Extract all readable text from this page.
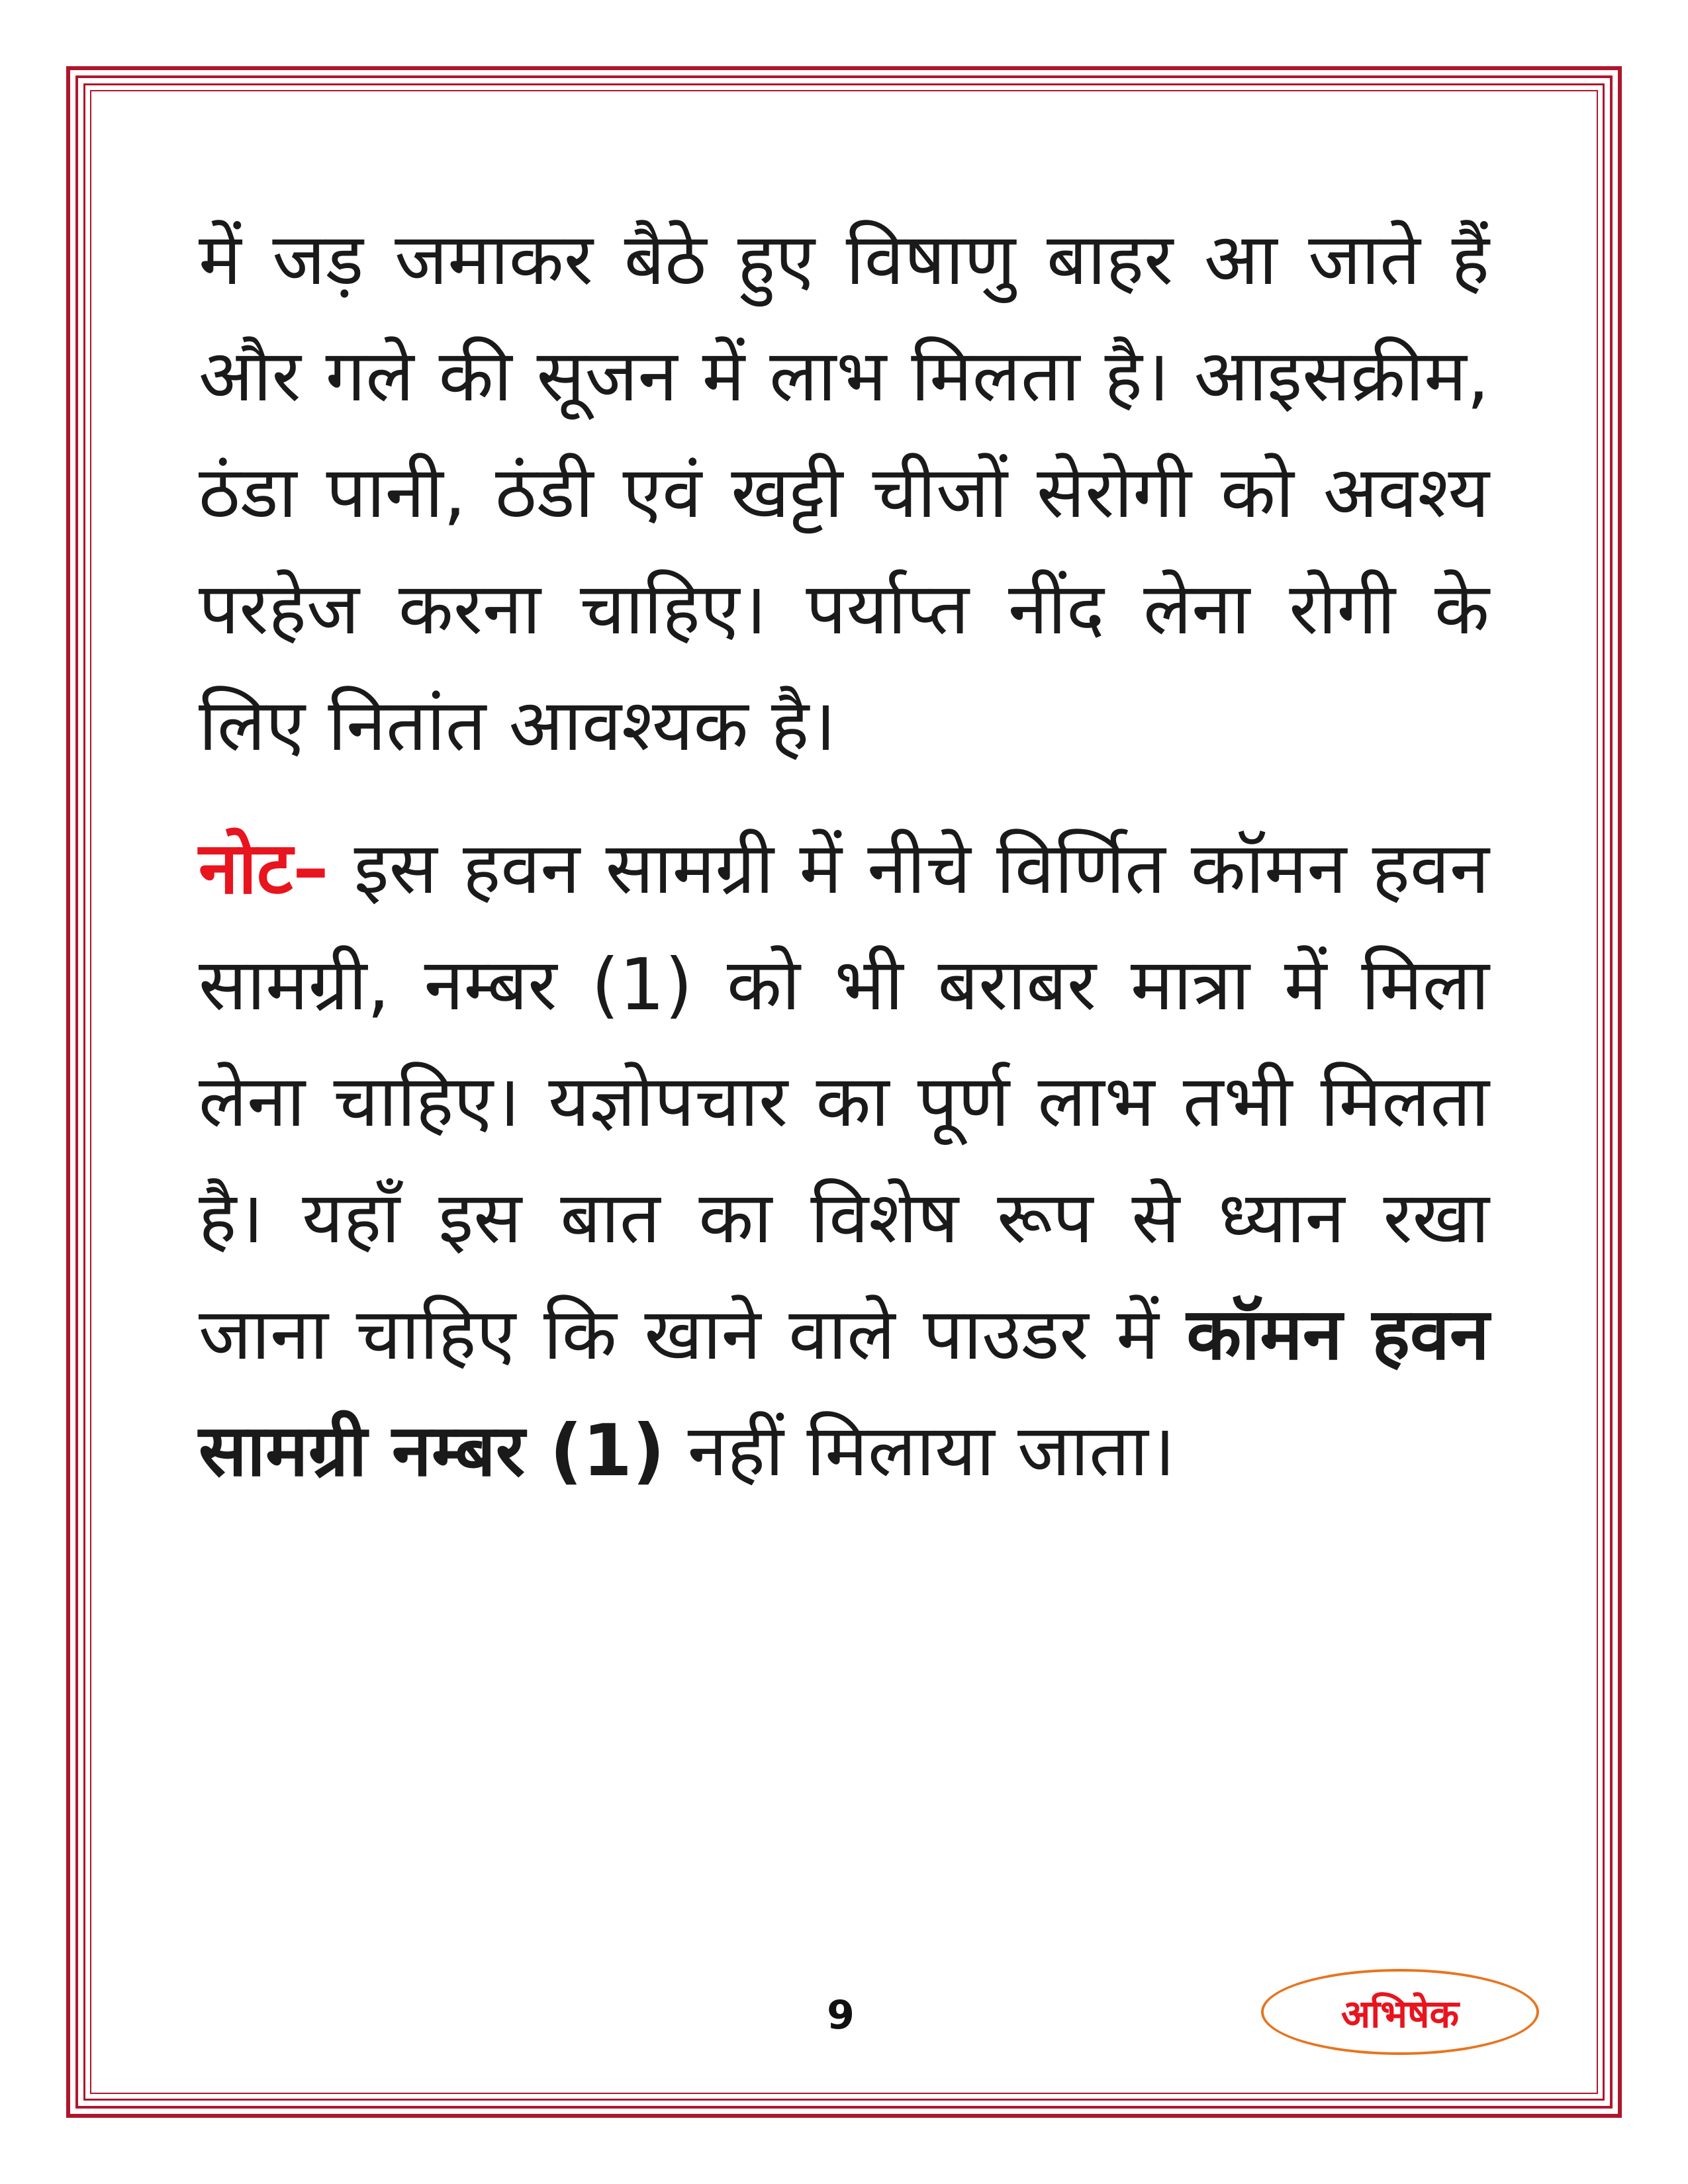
में जड़ जमाकर बैठे हुए विषाणु बाहर आ जाते हैं और गले की सूजन में लाभ मिलता है। आइसक्रीम, ठंडा पानी, ठंडी एवं खट्टी चीजों सेरोगी को अवश्य परहेज करना चाहिए। पर्याप्त नींद लेना रोगी के लिए नितांत आवश्यक है।

नोट– इस हवन सामग्री में नीचे विर्णित कॉमन हवन सामग्री, नम्बर (1) को भी बराबर मात्रा में मिला लेना चाहिए। यज्ञोपचार का पूर्ण लाभ तभी मिलता है। यहाँ इस बात का विशेष रूप से ध्यान रखा जाना चाहिए कि खाने वाले पाउडर में कॉमन हवन सामग्री नम्बर (1) नहीं मिलाया जाता।

9	अभिषेक
